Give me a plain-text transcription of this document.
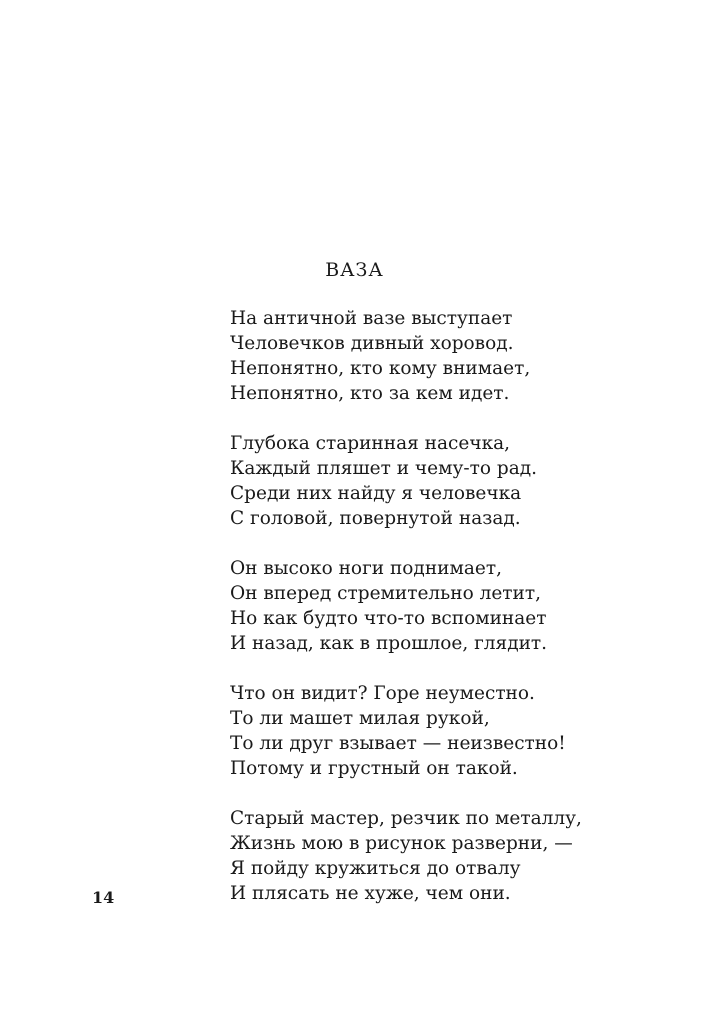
ВАЗА
На античной вазе выступает
Человечков дивный хоровод.
Непонятно, кто кому внимает,
Непонятно, кто за кем идет.
Глубока старинная насечка,
Каждый пляшет и чему-то рад.
Среди них найду я человечка
С головой, повернутой назад.
Он высоко ноги поднимает,
Он вперед стремительно летит,
Но как будто что-то вспоминает
И назад, как в прошлое, глядит.
Что он видит? Горе неуместно.
То ли машет милая рукой,
То ли друг взывает — неизвестно!
Потому и грустный он такой.
Старый мастер, резчик по металлу,
Жизнь мою в рисунок разверни, —
Я пойду кружиться до отвалу
И плясать не хуже, чем они.
14
